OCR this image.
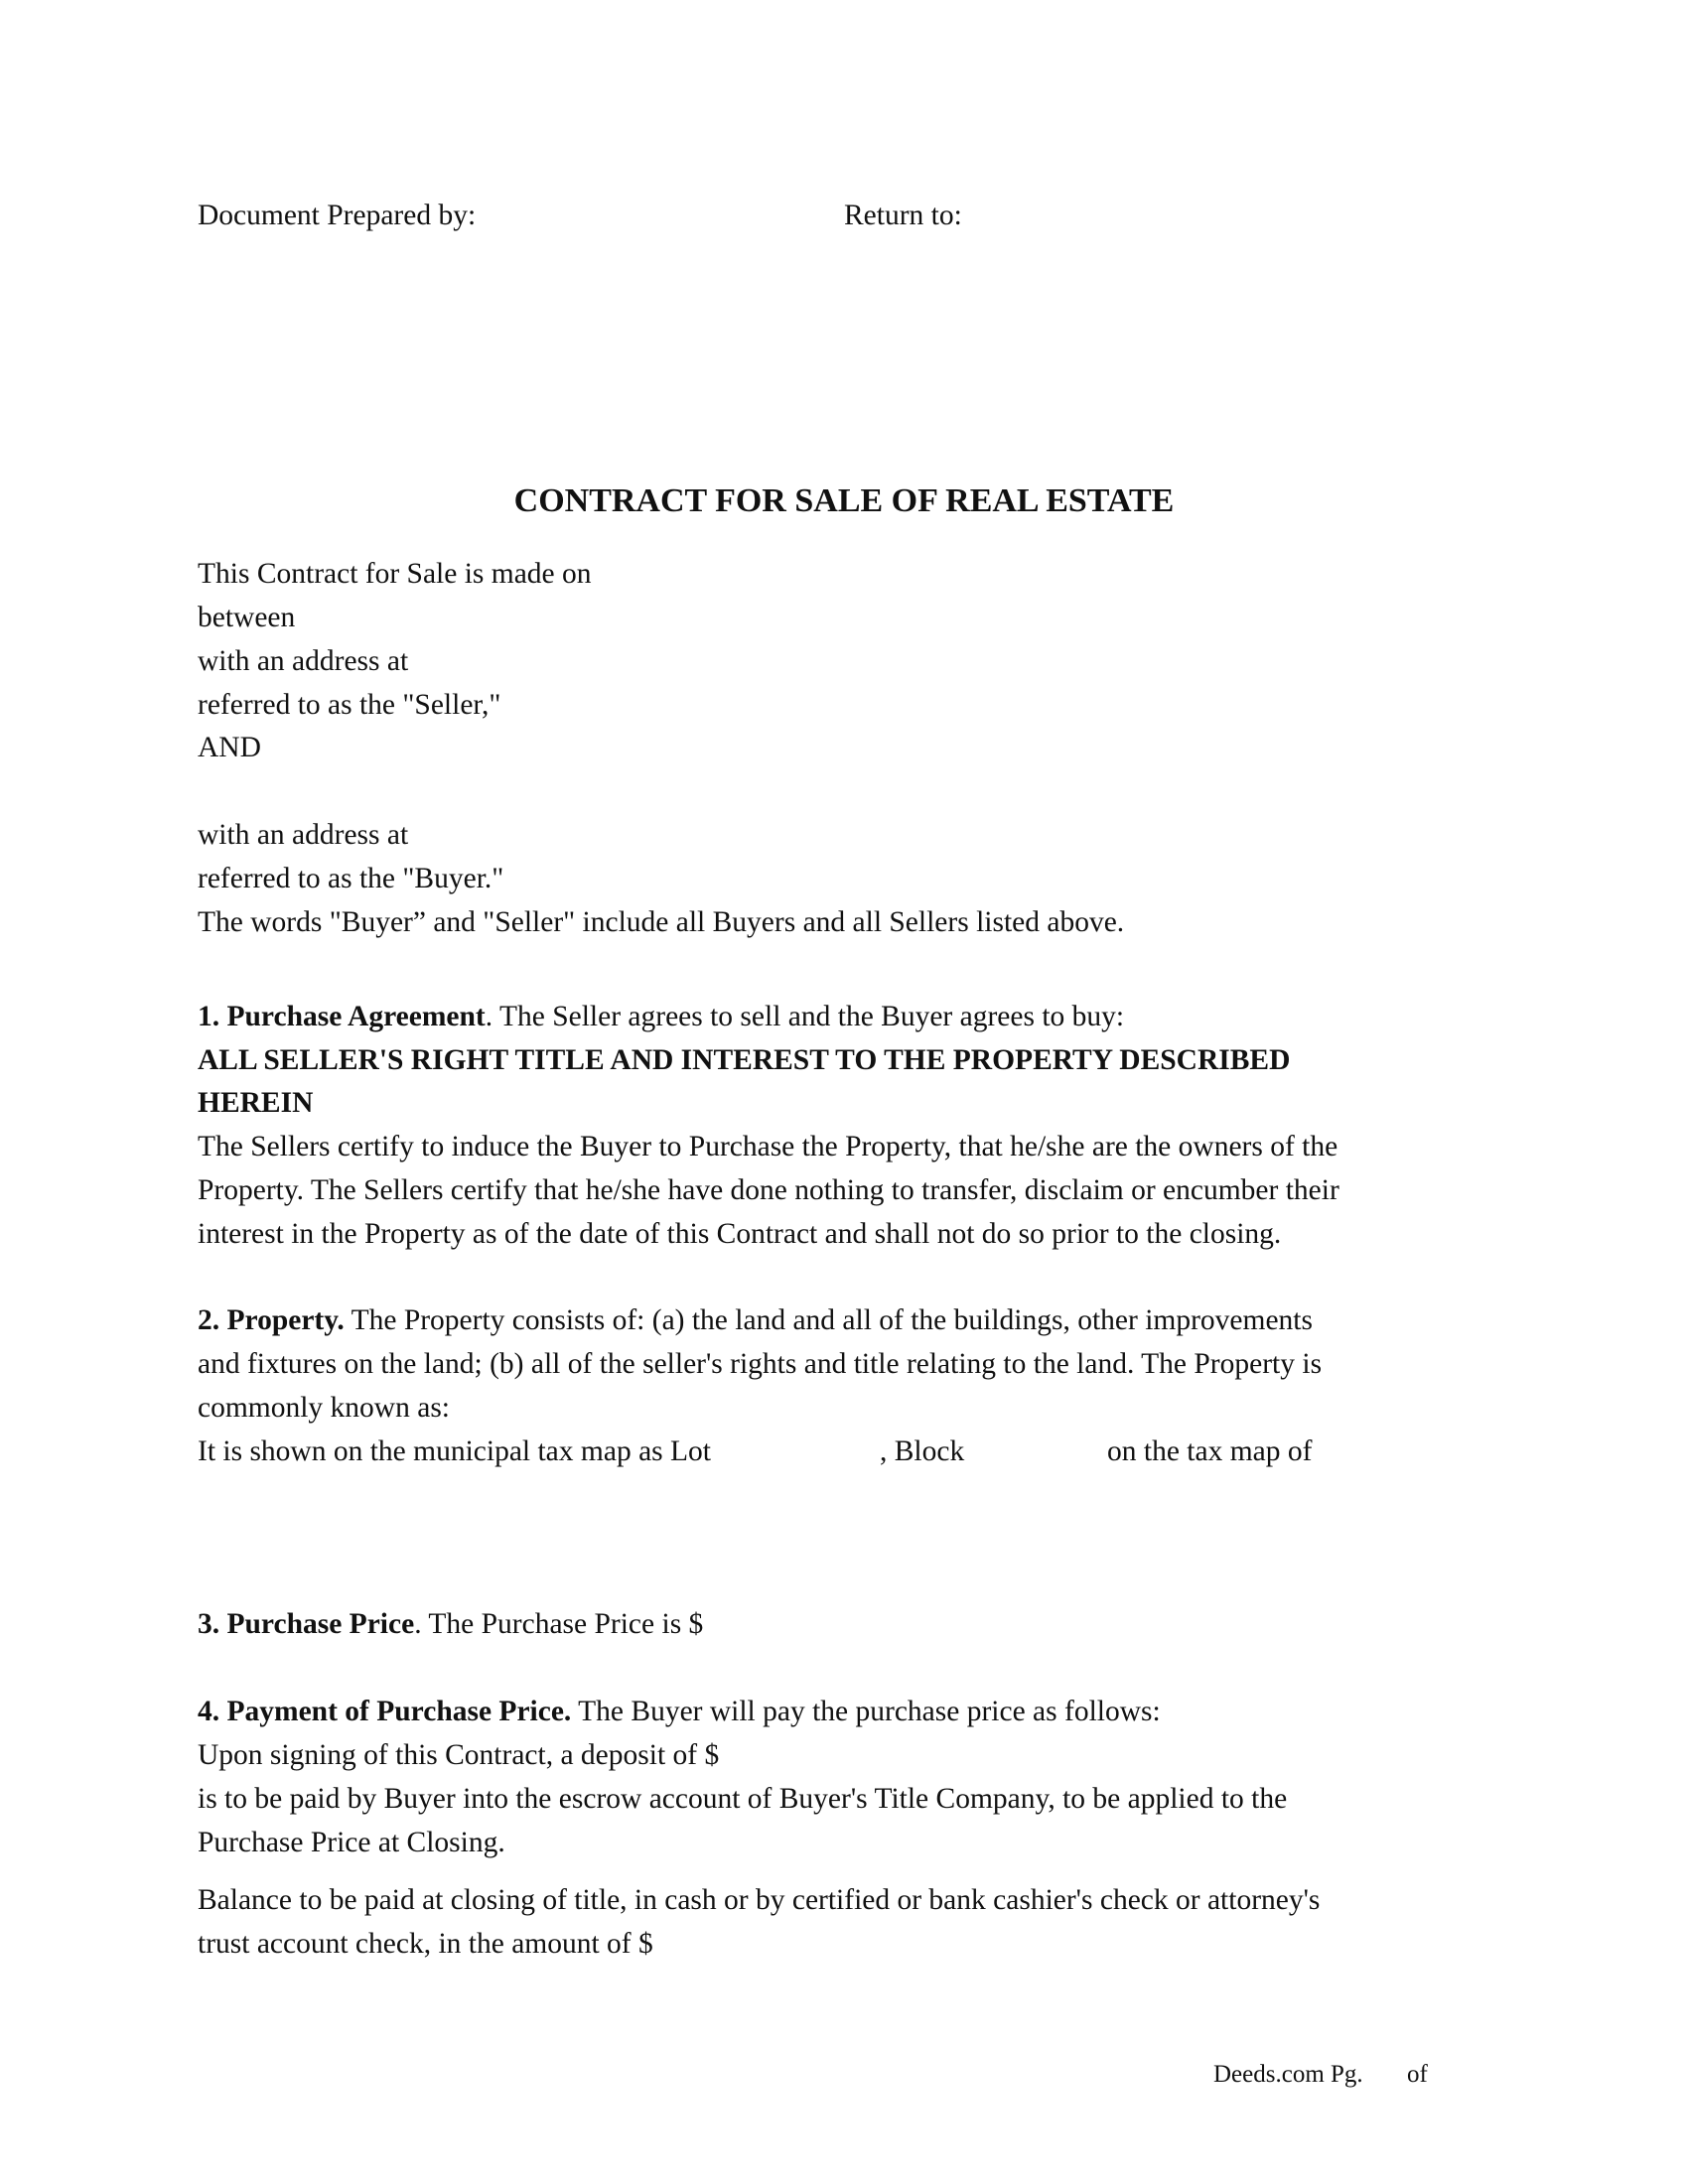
Document Prepared by:	Return to:
CONTRACT FOR SALE OF REAL ESTATE
This Contract for Sale is made on
between
with an address at
referred to as the "Seller,"
AND
with an address at
referred to as the "Buyer."
The words "Buyer” and "Seller" include all Buyers and all Sellers listed above.
1. Purchase Agreement. The Seller agrees to sell and the Buyer agrees to buy:
ALL SELLER'S RIGHT TITLE AND INTEREST TO THE PROPERTY DESCRIBED
HEREIN
The Sellers certify to induce the Buyer to Purchase the Property, that he/she are the owners of the
Property. The Sellers certify that he/she have done nothing to transfer, disclaim or encumber their
interest in the Property as of the date of this Contract and shall not do so prior to the closing.
2. Property. The Property consists of: (a) the land and all of the buildings, other improvements
and fixtures on the land; (b) all of the seller's rights and title relating to the land. The Property is
commonly known as:
It is shown on the municipal tax map as Lot	, Block	on the tax map of
3. Purchase Price. The Purchase Price is $
4. Payment of Purchase Price. The Buyer will pay the purchase price as follows:
Upon signing of this Contract, a deposit of $
is to be paid by Buyer into the escrow account of Buyer's Title Company, to be applied to the
Purchase Price at Closing.
Balance to be paid at closing of title, in cash or by certified or bank cashier's check or attorney's
trust account check, in the amount of $
Deeds.com Pg. of
